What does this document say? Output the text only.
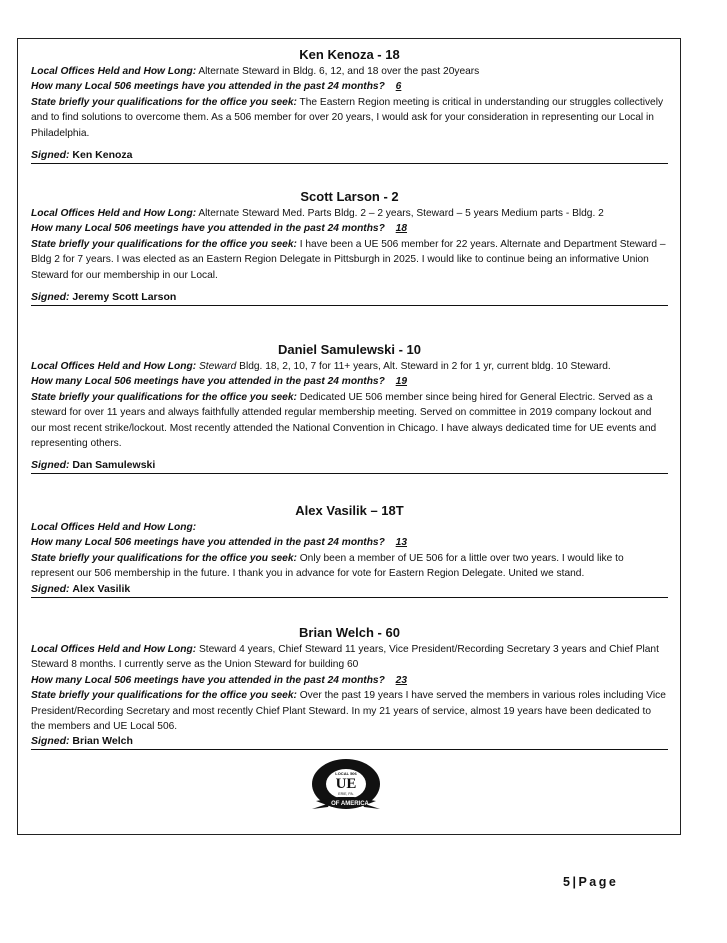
Ken Kenoza - 18
Local Offices Held and How Long: Alternate Steward in Bldg. 6, 12, and 18 over the past 20years
How many Local 506 meetings have you attended in the past 24 months? 6
State briefly your qualifications for the office you seek: The Eastern Region meeting is critical in understanding our struggles collectively and to find solutions to overcome them. As a 506 member for over 20 years, I would ask for your consideration in representing our Local in Philadelphia.
Signed: Ken Kenoza
Scott Larson - 2
Local Offices Held and How Long: Alternate Steward Med. Parts Bldg. 2 – 2 years, Steward – 5 years Medium parts - Bldg. 2
How many Local 506 meetings have you attended in the past 24 months? 18
State briefly your qualifications for the office you seek: I have been a UE 506 member for 22 years. Alternate and Department Steward – Bldg 2 for 7 years. I was elected as an Eastern Region Delegate in Pittsburgh in 2025. I would like to continue being an informative Union Steward for our membership in our Local.
Signed: Jeremy Scott Larson
Daniel Samulewski - 10
Local Offices Held and How Long: Steward Bldg. 18, 2, 10, 7 for 11+ years, Alt. Steward in 2 for 1 yr, current bldg. 10 Steward.
How many Local 506 meetings have you attended in the past 24 months? 19
State briefly your qualifications for the office you seek: Dedicated UE 506 member since being hired for General Electric. Served as a steward for over 11 years and always faithfully attended regular membership meeting. Served on committee in 2019 company lockout and our most recent strike/lockout. Most recently attended the National Convention in Chicago. I have always dedicated time for UE events and representing others.
Signed: Dan Samulewski
Alex Vasilik – 18T
Local Offices Held and How Long:
How many Local 506 meetings have you attended in the past 24 months? 13
State briefly your qualifications for the office you seek: Only been a member of UE 506 for a little over two years. I would like to represent our 506 membership in the future. I thank you in advance for vote for Eastern Region Delegate. United we stand.
Signed: Alex Vasilik
Brian Welch - 60
Local Offices Held and How Long: Steward 4 years, Chief Steward 11 years, Vice President/Recording Secretary 3 years and Chief Plant Steward 8 months. I currently serve as the Union Steward for building 60
How many Local 506 meetings have you attended in the past 24 months? 23
State briefly your qualifications for the office you seek: Over the past 19 years I have served the members in various roles including Vice President/Recording Secretary and most recently Chief Plant Steward. In my 21 years of service, almost 19 years have been dedicated to the members and UE Local 506.
Signed: Brian Welch
UE
LOCAL 506
ERIE, PA.
OF AMERICA
5|Page
